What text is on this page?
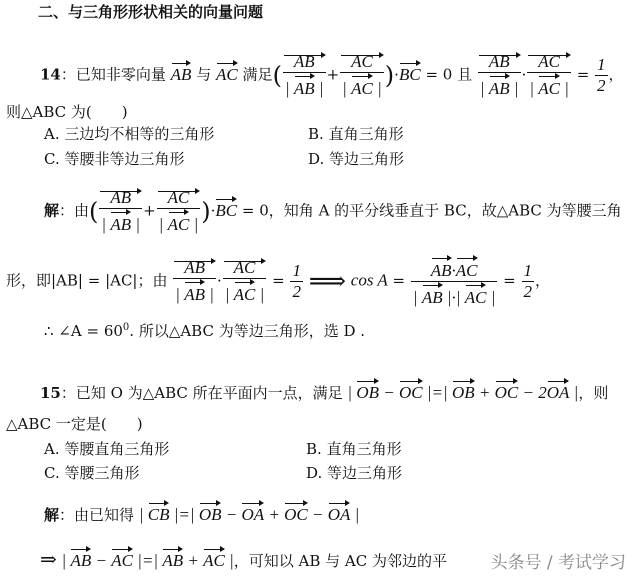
二、与三角形形状相关的向量问题
14：已知非零向量 AB 与 AC 满足( $\frac{AB}{| AB |} + \frac{AC}{| AC |} )\cdot BC = 0$ 且 $\frac{AB}{| AB |} \cdot \frac{AC}{| AC |} = \frac{1}{2}$ ，
则△ABC 为(　　)
A. 三边均不相等的三角形	B. 直角三角形
C. 等腰非等边三角形	D. 等边三角形
解：由( $\frac{AB}{| AB |} + \frac{AC}{| AC |} )\cdot BC = 0$，知角 A 的平分线垂直于 BC，故△ABC 为等腰三角
形，即|AB| = |AC|；由 $\frac{AB}{| AB |} \cdot \frac{AC}{| AC |} = \frac{1}{2}$ ⟹ $\cos A = \frac{AB\cdot AC}{| AB |\cdot| AC |} = \frac{1}{2}$ ，
∴ ∠A = $60^0$. 所以△ABC 为等边三角形，选 D .
15：已知 O 为△ABC 所在平面内一点，满足 | OB − OC |=| OB + OC − 2OA |，则
△ABC 一定是(　　)
A. 等腰直角三角形	B. 直角三角形
C. 等腰三角形	D. 等边三角形
解：由已知得 | CB |=| OB − OA + OC − OA |
⇒ | AB − AC |=| AB + AC |，可知以 AB 与 AC 为邻边的平	头条号 / 考试学习
